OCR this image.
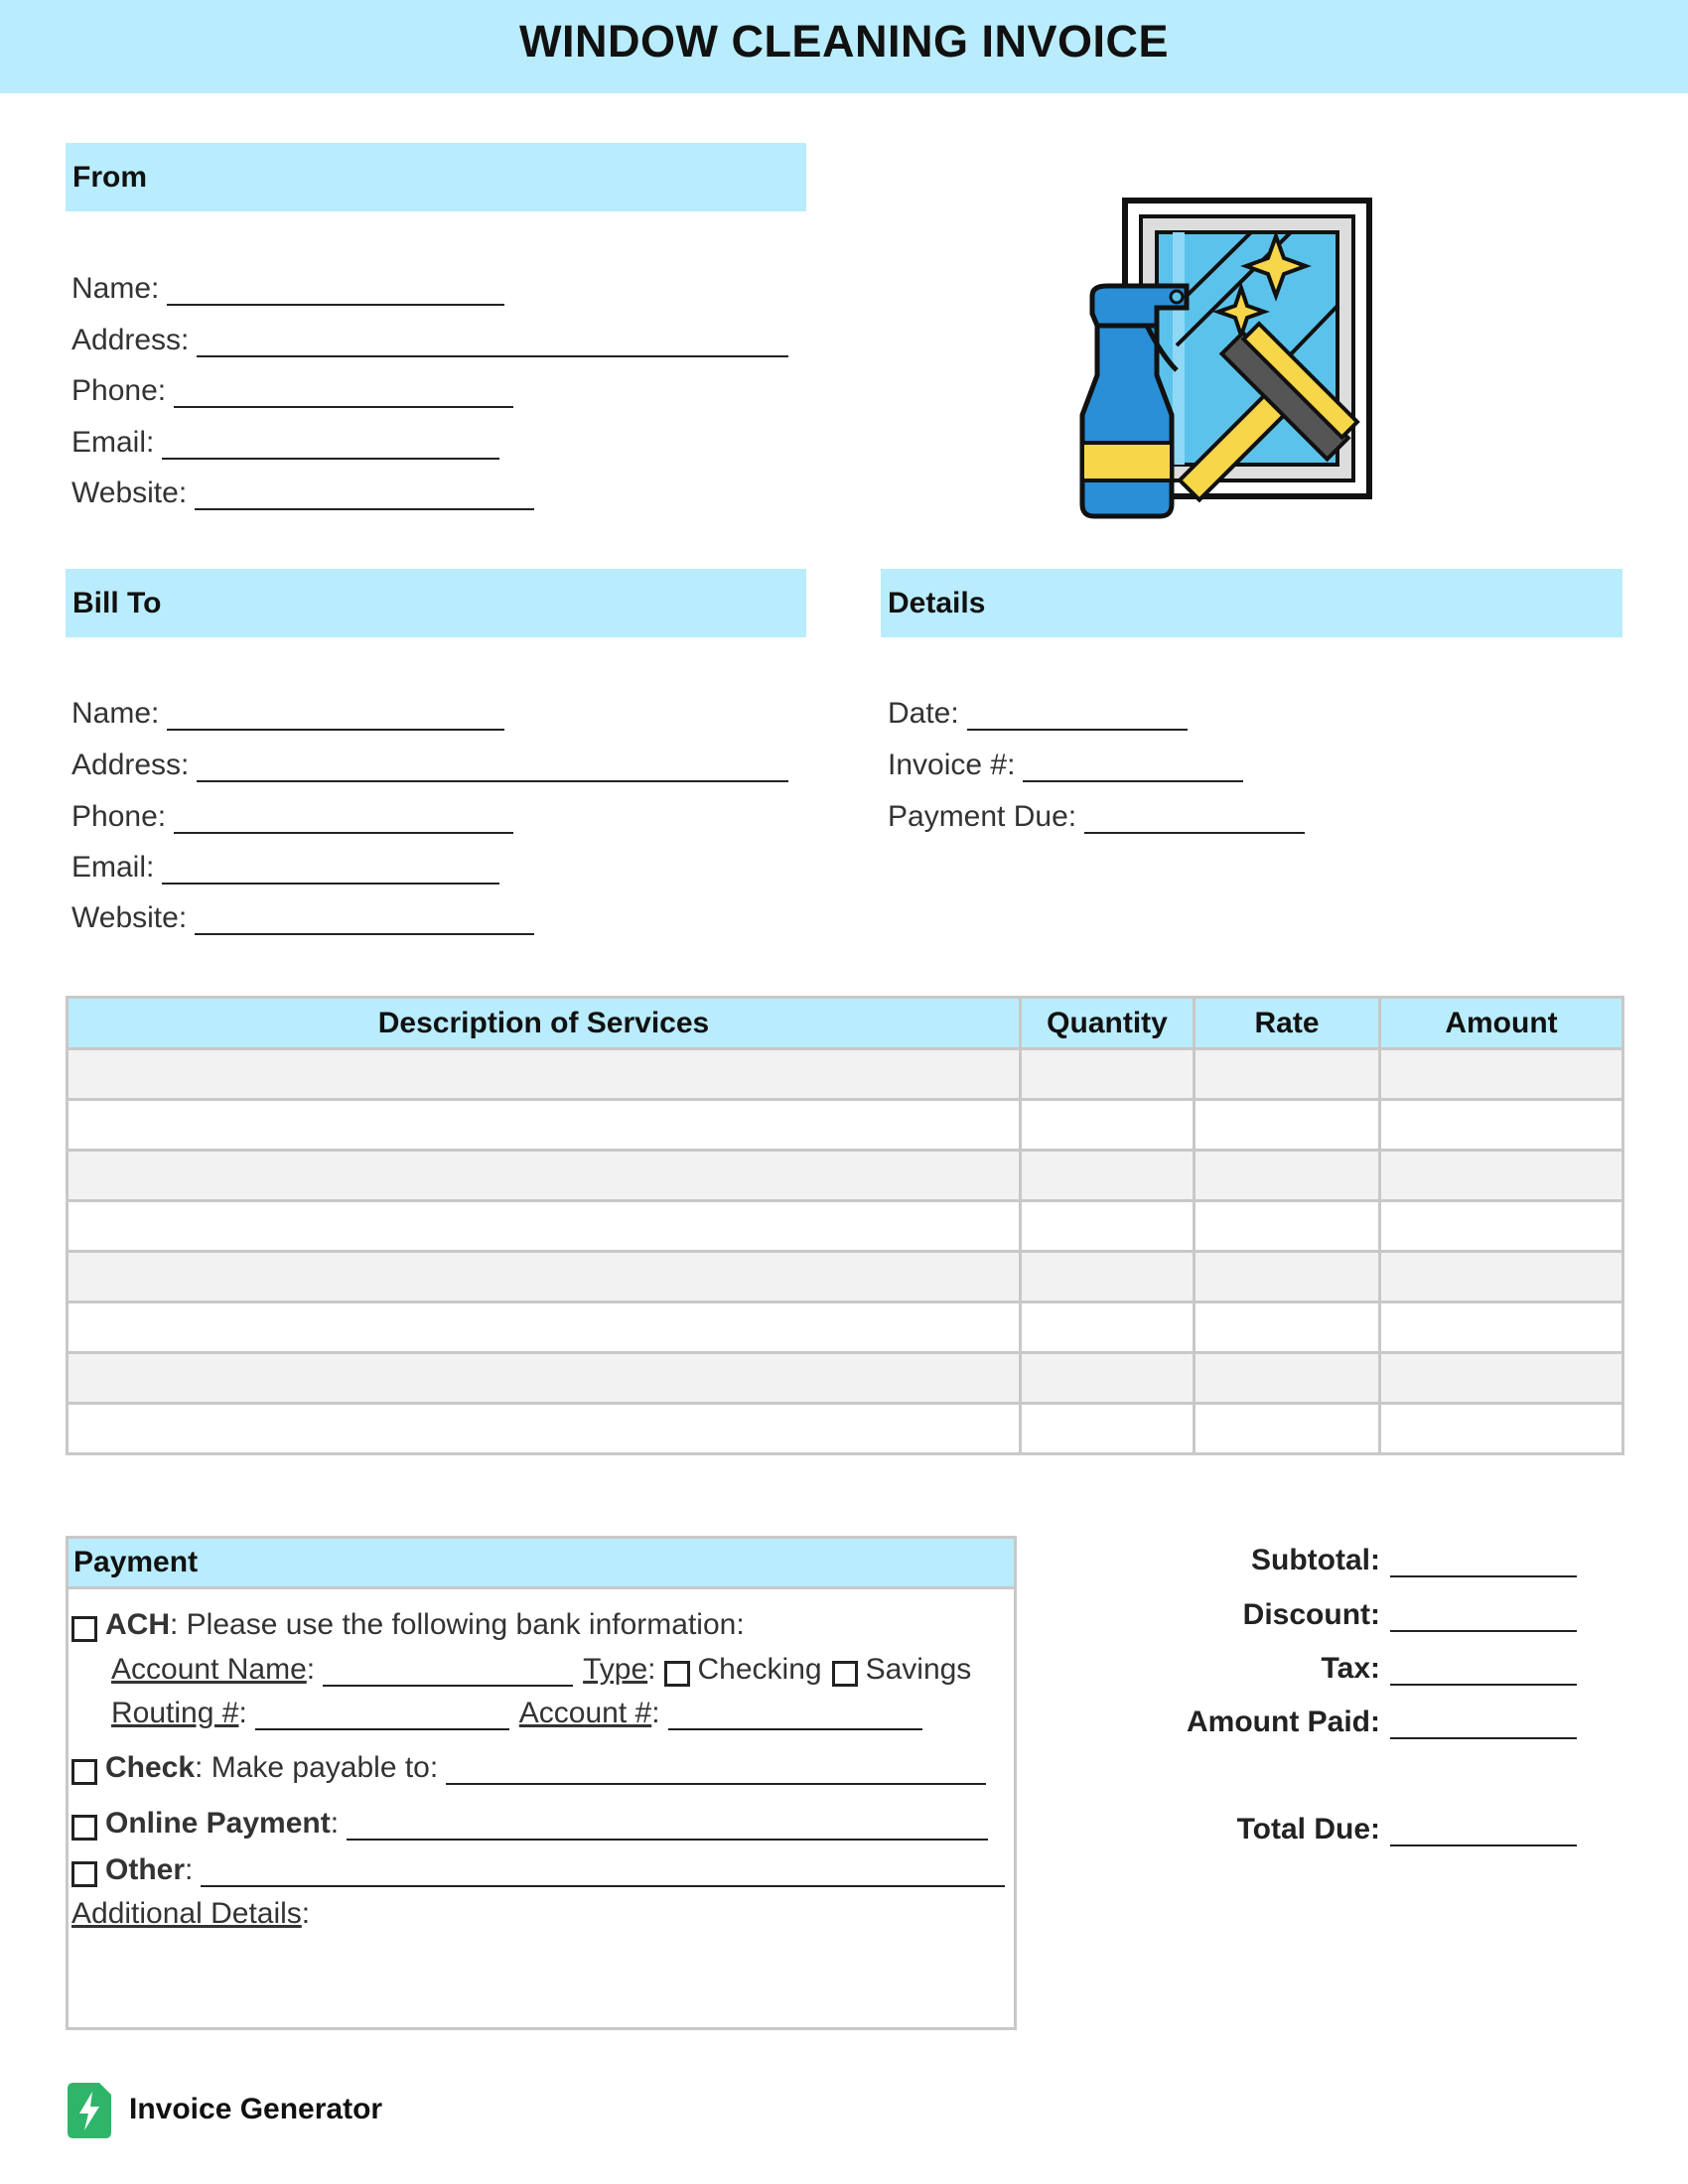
WINDOW CLEANING INVOICE
From
Name:
Address:
Phone:
Email:
Website:
Bill To
Name:
Address:
Phone:
Email:
Website:
Details
Date:
Invoice #:
Payment Due:
Description of Services	Quantity	Rate	Amount

Payment
ACH : Please use the following bank information:
Account Name :	Type : Checking Savings
Routing # :	Account # :
Check : Make payable to:
Online Payment :
Other :
Additional Details :
Subtotal:
Discount:
Tax:
Amount Paid:
Total Due:
Invoice Generator
